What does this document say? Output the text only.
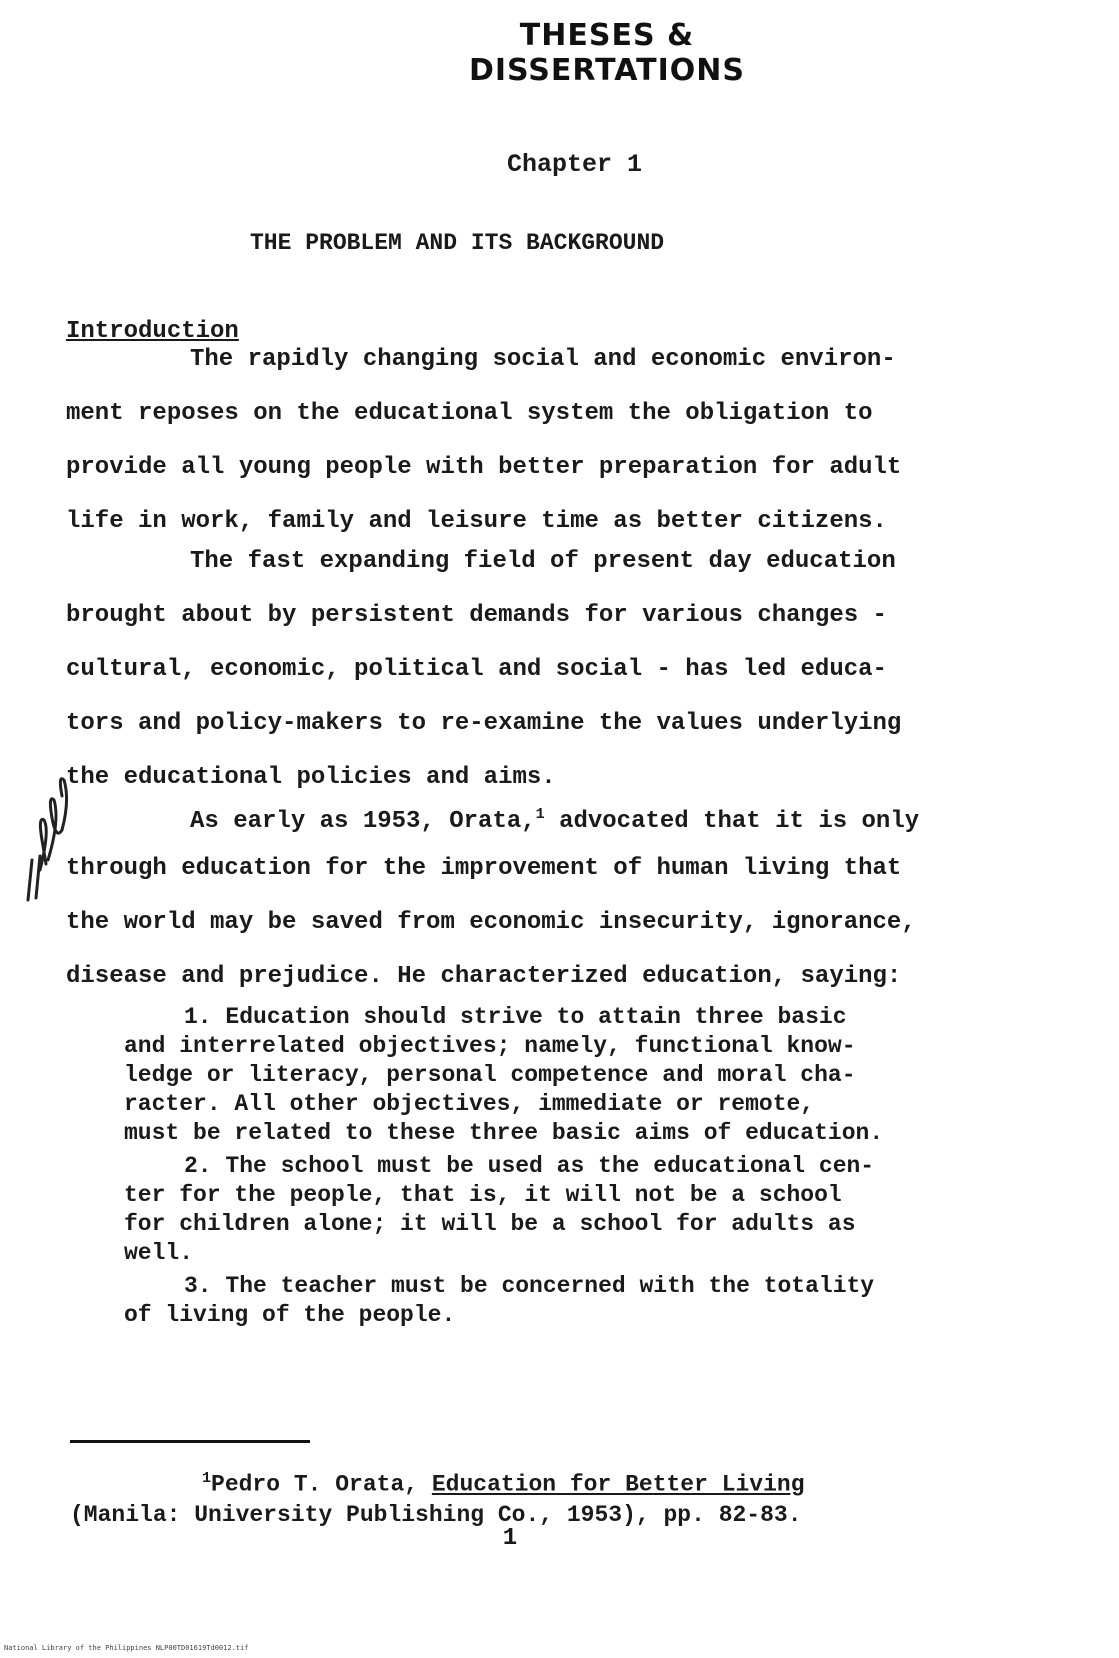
THESES & DISSERTATIONS
Chapter 1
THE PROBLEM AND ITS BACKGROUND
Introduction
The rapidly changing social and economic environ-
ment reposes on the educational system the obligation to
provide all young people with better preparation for adult
life in work, family and leisure time as better citizens.
The fast expanding field of present day education
brought about by persistent demands for various changes -
cultural, economic, political and social - has led educa-
tors and policy-makers to re-examine the values underlying
the educational policies and aims.
As early as 1953, Orata,$^1$ advocated that it is only
through education for the improvement of human living that
the world may be saved from economic insecurity, ignorance,
disease and prejudice. He characterized education, saying:
1. Education should strive to attain three basic
and interrelated objectives; namely, functional know-
ledge or literacy, personal competence and moral cha-
racter. All other objectives, immediate or remote,
must be related to these three basic aims of education.
2. The school must be used as the educational cen-
ter for the people, that is, it will not be a school
for children alone; it will be a school for adults as
well.
3. The teacher must be concerned with the totality
of living of the people.
$^1$Pedro T. Orata, Education for Better Living
(Manila: University Publishing Co., 1953), pp. 82-83.
1
National Library of the Philippines NLP00TD01619Td0012.tif
